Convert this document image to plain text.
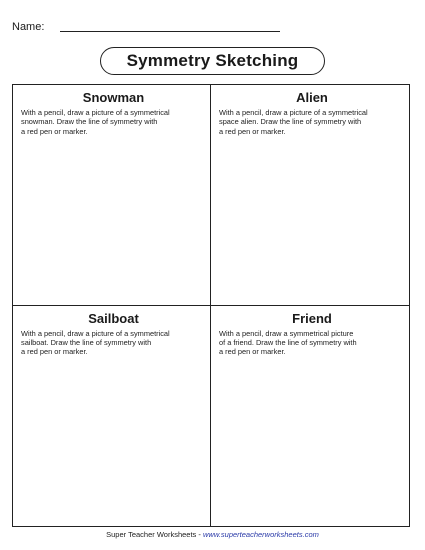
Name:
Symmetry Sketching
Snowman
With a pencil, draw a picture of a symmetrical
snowman. Draw the line of symmetry with
a red pen or marker.
Alien
With a pencil, draw a picture of a symmetrical
space alien. Draw the line of symmetry with
a red pen or marker.
Sailboat
With a pencil, draw a picture of a symmetrical
sailboat. Draw the line of symmetry with
a red pen or marker.
Friend
With a pencil, draw a symmetrical picture
of a friend. Draw the line of symmetry with
a red pen or marker.
Super Teacher Worksheets - www.superteacherworksheets.com
